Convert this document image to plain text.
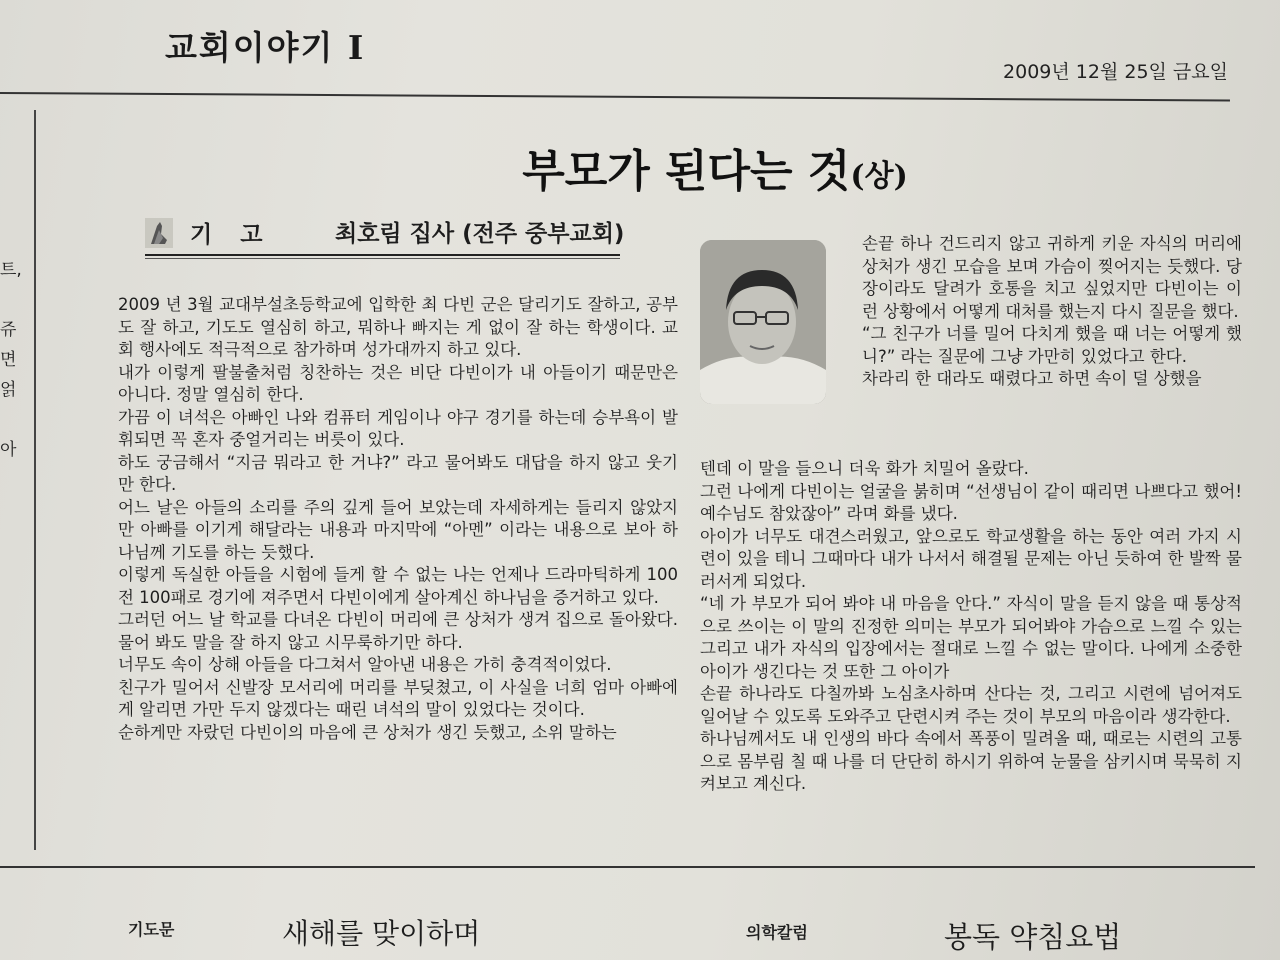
교회이야기 I
2009년 12월 25일 금요일
트,
쥬
면
얽
아
부모가 된다는 것(상)
기 고	최호림 집사 (전주 중부교회)

2009 년 3월 교대부설초등학교에 입학한 최 다빈 군은 달리기도 잘하고, 공부도 잘 하고, 기도도 열심히 하고, 뭐하나 빠지는 게 없이 잘 하는 학생이다. 교회 행사에도 적극적으로 참가하며 성가대까지 하고 있다.

내가 이렇게 팔불출처럼 칭찬하는 것은 비단 다빈이가 내 아들이기 때문만은 아니다. 정말 열심히 한다.

가끔 이 녀석은 아빠인 나와 컴퓨터 게임이나 야구 경기를 하는데 승부욕이 발휘되면 꼭 혼자 중얼거리는 버릇이 있다.

하도 궁금해서 “지금 뭐라고 한 거냐?” 라고 물어봐도 대답을 하지 않고 웃기만 한다.

어느 날은 아들의 소리를 주의 깊게 들어 보았는데 자세하게는 들리지 않았지만 아빠를 이기게 해달라는 내용과 마지막에 “아멘” 이라는 내용으로 보아 하나님께 기도를 하는 듯했다.

이렇게 독실한 아들을 시험에 들게 할 수 없는 나는 언제나 드라마틱하게 100전 100패로 경기에 져주면서 다빈이에게 살아계신 하나님을 증거하고 있다.

그러던 어느 날 학교를 다녀온 다빈이 머리에 큰 상처가 생겨 집으로 돌아왔다. 물어 봐도 말을 잘 하지 않고 시무룩하기만 하다.

너무도 속이 상해 아들을 다그쳐서 알아낸 내용은 가히 충격적이었다.

친구가 밀어서 신발장 모서리에 머리를 부딪쳤고, 이 사실을 너희 엄마 아빠에게 알리면 가만 두지 않겠다는 때린 녀석의 말이 있었다는 것이다.

순하게만 자랐던 다빈이의 마음에 큰 상처가 생긴 듯했고, 소위 말하는

손끝 하나 건드리지 않고 귀하게 키운 자식의 머리에 상처가 생긴 모습을 보며 가슴이 찢어지는 듯했다. 당장이라도 달려가 호통을 치고 싶었지만 다빈이는 이런 상황에서 어떻게 대처를 했는지 다시 질문을 했다.

“그 친구가 너를 밀어 다치게 했을 때 너는 어떻게 했니?” 라는 질문에 그냥 가만히 있었다고 한다.

차라리 한 대라도 때렸다고 하면 속이 덜 상했을

텐데 이 말을 들으니 더욱 화가 치밀어 올랐다.

그런 나에게 다빈이는 얼굴을 붉히며 “선생님이 같이 때리면 나쁘다고 했어! 예수님도 참았잖아” 라며 화를 냈다.

아이가 너무도 대견스러웠고, 앞으로도 학교생활을 하는 동안 여러 가지 시련이 있을 테니 그때마다 내가 나서서 해결될 문제는 아닌 듯하여 한 발짝 물러서게 되었다.

“네 가 부모가 되어 봐야 내 마음을 안다.” 자식이 말을 듣지 않을 때 통상적으로 쓰이는 이 말의 진정한 의미는 부모가 되어봐야 가슴으로 느낄 수 있는 그리고 내가 자식의 입장에서는 절대로 느낄 수 없는 말이다. 나에게 소중한 아이가 생긴다는 것 또한 그 아이가

손끝 하나라도 다칠까봐 노심초사하며 산다는 것, 그리고 시련에 넘어져도 일어날 수 있도록 도와주고 단련시켜 주는 것이 부모의 마음이라 생각한다.

하나님께서도 내 인생의 바다 속에서 폭풍이 밀려올 때, 때로는 시련의 고통으로 몸부림 칠 때 나를 더 단단히 하시기 위하여 눈물을 삼키시며 묵묵히 지켜보고 계신다.

기도문	새해를 맞이하며	의학칼럼	봉독 약침요법
